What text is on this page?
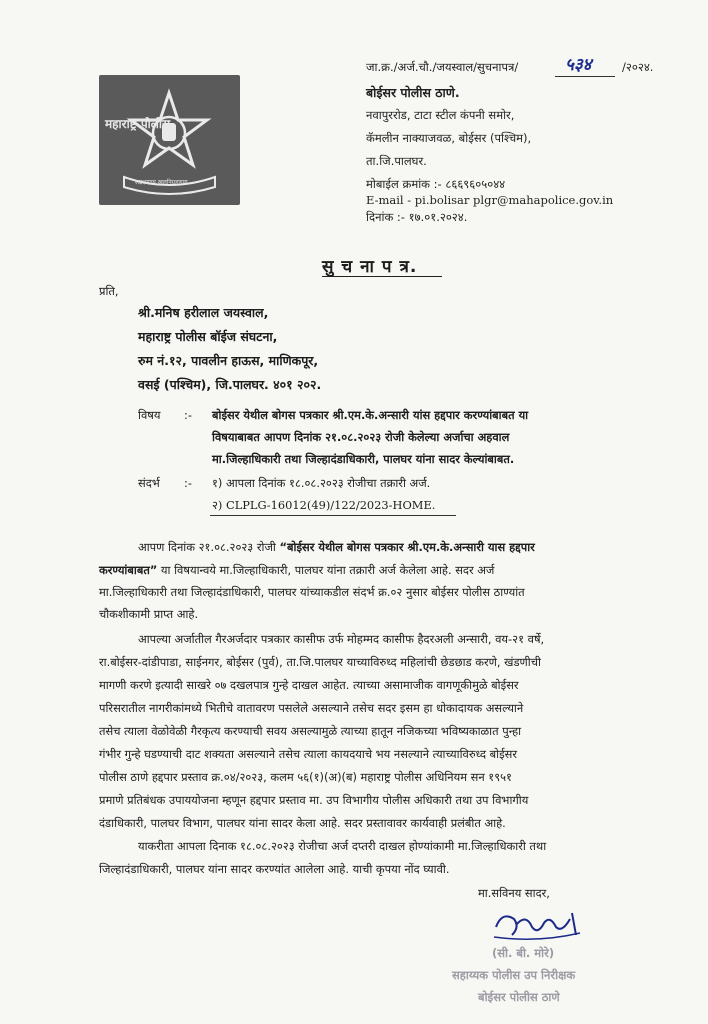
जा.क्र./अर्ज.चौ./जयस्वाल/सुचनापत्र/	५३४	/२०२४.
बोईसर पोलीस ठाणे.
नवापुररोड, टाटा स्टील कंपनी समोर,
कॅमलीन नाक्याजवळ, बोईसर (पश्चिम),
ता.जि.पालघर.
मोबाईल क्रमांक :- ८६६९६०५०४४
E-mail - pi.bolisar plgr@mahapolice.gov.in
दिनांक :- १७.०१.२०२४.
महाराष्ट्र पोलीस
सद्रक्षणाय खलनिग्रहणाय
सु च ना प त्र.
प्रति,
श्री.मनिष हरीलाल जयस्वाल,
महाराष्ट्र पोलीस बॉईज संघटना,
रुम नं.१२, पावलीन हाऊस, माणिकपूर,
वसई (पश्चिम), जि.पालघर. ४०१ २०२.
विषय :- बोईसर येथील बोगस पत्रकार श्री.एम.के.अन्सारी यांस हद्दपार करण्यांबाबत या
विषयाबाबत आपण दिनांक २१.०८.२०२३ रोजी केलेल्या अर्जाचा अहवाल
मा.जिल्हाधिकारी तथा जिल्हादंडाधिकारी, पालघर यांना सादर केल्यांबाबत.
संदर्भ :- १) आपला दिनांक १८.०८.२०२३ रोजीचा तक्रारी अर्ज.
२) CLPLG-16012(49)/122/2023-HOME.
आपण दिनांक २१.०८.२०२३ रोजी “बोईसर येथील बोगस पत्रकार श्री.एम.के.अन्सारी यास हद्दपार
करण्यांबाबत” या विषयान्वये मा.जिल्हाधिकारी, पालघर यांना तक्रारी अर्ज केलेला आहे. सदर अर्ज
मा.जिल्हाधिकारी तथा जिल्हादंडाधिकारी, पालघर यांच्याकडील संदर्भ क्र.०२ नुसार बोईसर पोलीस ठाण्यांत
चौकशीकामी प्राप्त आहे.
आपल्या अर्जातील गैरअर्जदार पत्रकार कासीफ उर्फ मोहम्मद कासीफ हैदरअली अन्सारी, वय-२१ वर्षे,
रा.बोईसर-दांडीपाडा, साईनगर, बोईसर (पुर्व), ता.जि.पालघर याच्याविरुध्द महिलांची छेडछाड करणे, खंडणीची
मागणी करणे इत्यादी साखरे ०७ दखलपात्र गुन्हे दाखल आहेत. त्याच्या असामाजीक वागणूकीमुळे बोईसर
परिसरातील नागरीकांमध्ये भितीचे वातावरण पसलेले असल्याने तसेच सदर इसम हा धोकादायक असल्याने
तसेच त्याला वेळोवेळी गैरकृत्य करण्याची सवय असल्यामुळे त्याच्या हातून नजिकच्या भविष्यकाळात पुन्हा
गंभीर गुन्हे घडण्याची दाट शक्यता असल्याने तसेच त्याला कायदयाचे भय नसल्याने त्याच्याविरुध्द बोईसर
पोलीस ठाणे हद्दपार प्रस्ताव क्र.०४/२०२३, कलम ५६(१)(अ)(ब) महाराष्ट्र पोलीस अधिनियम सन १९५१
प्रमाणे प्रतिबंधक उपाययोजना म्हणून हद्दपार प्रस्ताव मा. उप विभागीय पोलीस अधिकारी तथा उप विभागीय
दंडाधिकारी, पालघर विभाग, पालघर यांना सादर केला आहे. सदर प्रस्तावावर कार्यवाही प्रलंबीत आहे.
याकरीता आपला दिनाक १८.०८.२०२३ रोजीचा अर्ज दप्तरी दाखल होण्यांकामी मा.जिल्हाधिकारी तथा
जिल्हादंडाधिकारी, पालघर यांना सादर करण्यांत आलेला आहे. याची कृपया नोंद घ्यावी.
मा.सविनय सादर,
(सी. बी. मोरे)
सहाय्यक पोलीस उप निरीक्षक
बोईसर पोलीस ठाणे
